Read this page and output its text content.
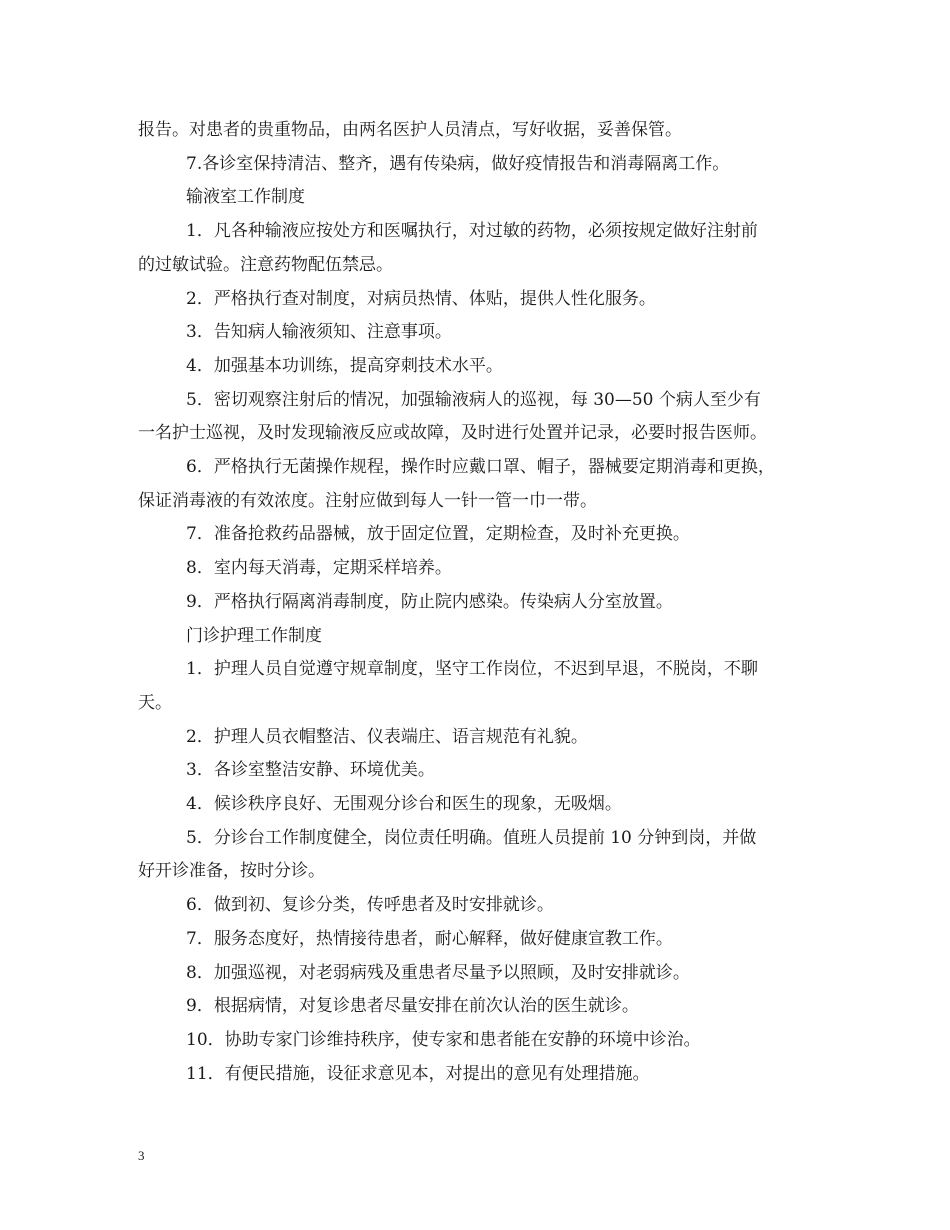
报告。对患者的贵重物品，由两名医护人员清点，写好收据，妥善保管。

7.各诊室保持清洁、整齐，遇有传染病，做好疫情报告和消毒隔离工作。

输液室工作制度

1．凡各种输液应按处方和医嘱执行，对过敏的药物，必须按规定做好注射前

的过敏试验。注意药物配伍禁忌。

2．严格执行查对制度，对病员热情、体贴，提供人性化服务。

3．告知病人输液须知、注意事项。

4．加强基本功训练，提高穿刺技术水平。

5．密切观察注射后的情况，加强输液病人的巡视，每 30—50 个病人至少有

一名护士巡视，及时发现输液反应或故障，及时进行处置并记录，必要时报告医师。

6．严格执行无菌操作规程，操作时应戴口罩、帽子，器械要定期消毒和更换，

保证消毒液的有效浓度。注射应做到每人一针一管一巾一带。

7．准备抢救药品器械，放于固定位置，定期检查，及时补充更换。

8．室内每天消毒，定期采样培养。

9．严格执行隔离消毒制度，防止院内感染。传染病人分室放置。

门诊护理工作制度

1．护理人员自觉遵守规章制度，坚守工作岗位，不迟到早退，不脱岗，不聊

天。

2．护理人员衣帽整洁、仪表端庄、语言规范有礼貌。

3．各诊室整洁安静、环境优美。

4．候诊秩序良好、无围观分诊台和医生的现象，无吸烟。

5．分诊台工作制度健全，岗位责任明确。值班人员提前 10 分钟到岗，并做

好开诊准备，按时分诊。

6．做到初、复诊分类，传呼患者及时安排就诊。

7．服务态度好，热情接待患者，耐心解释，做好健康宣教工作。

8．加强巡视，对老弱病残及重患者尽量予以照顾，及时安排就诊。

9．根据病情，对复诊患者尽量安排在前次认治的医生就诊。

10．协助专家门诊维持秩序，使专家和患者能在安静的环境中诊治。

11．有便民措施，设征求意见本，对提出的意见有处理措施。

3
